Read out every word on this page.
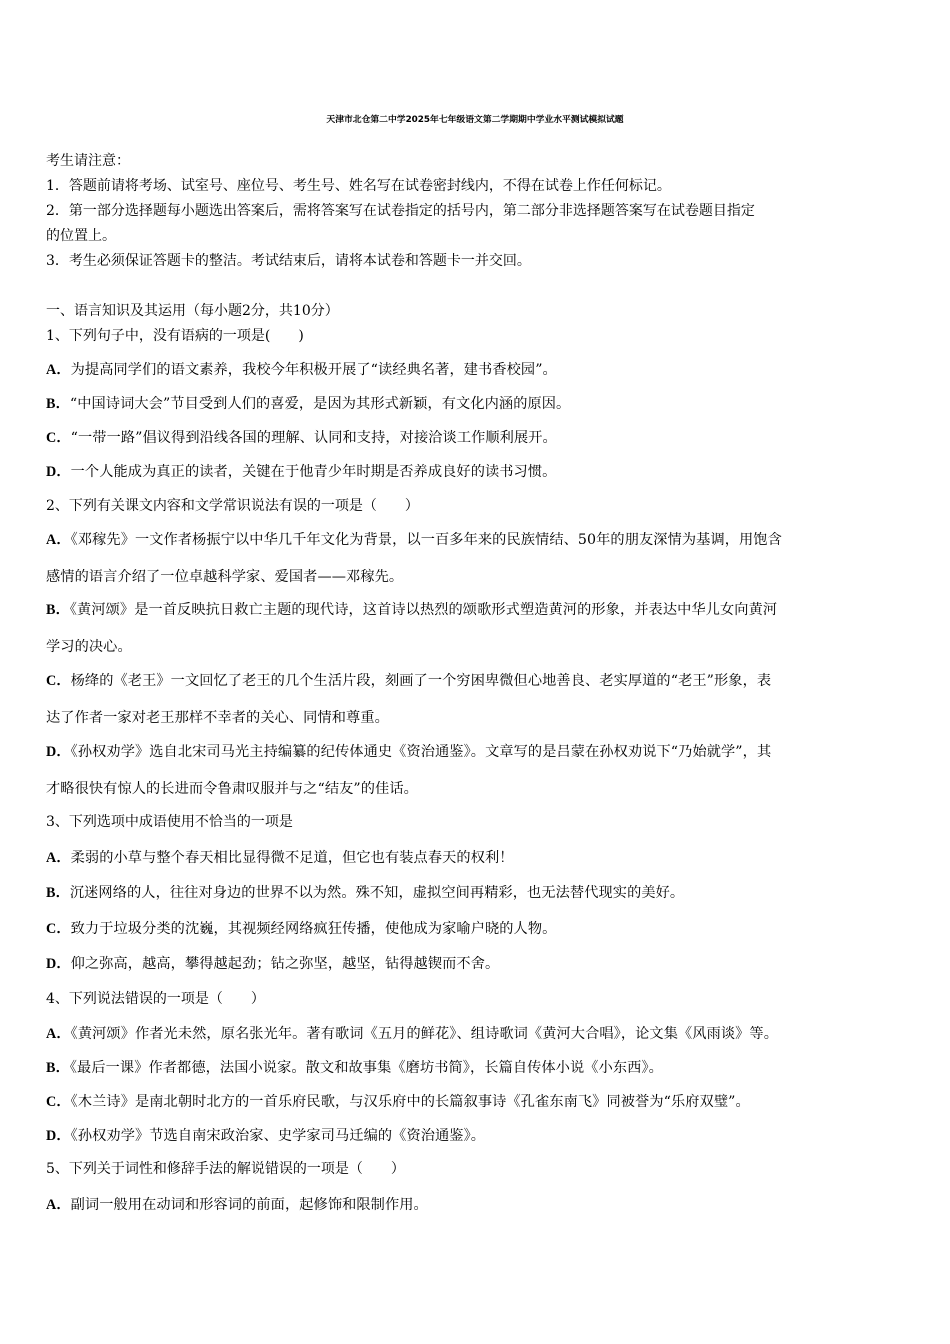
天津市北仓第二中学2025年七年级语文第二学期期中学业水平测试模拟试题
考生请注意：
1．答题前请将考场、试室号、座位号、考生号、姓名写在试卷密封线内，不得在试卷上作任何标记。
2．第一部分选择题每小题选出答案后，需将答案写在试卷指定的括号内，第二部分非选择题答案写在试卷题目指定
的位置上。
3．考生必须保证答题卡的整洁。考试结束后，请将本试卷和答题卡一并交回。
一、语言知识及其运用（每小题2分，共10分）
1、下列句子中，没有语病的一项是(　　)
A．为提高同学们的语文素养，我校今年积极开展了“读经典名著，建书香校园”。
B．“中国诗词大会”节目受到人们的喜爱，是因为其形式新颖，有文化内涵的原因。
C．“一带一路”倡议得到沿线各国的理解、认同和支持，对接洽谈工作顺利展开。
D．一个人能成为真正的读者，关键在于他青少年时期是否养成良好的读书习惯。
2、下列有关课文内容和文学常识说法有误的一项是（　　）
A．《邓稼先》一文作者杨振宁以中华几千年文化为背景，以一百多年来的民族情结、50年的朋友深情为基调，用饱含
感情的语言介绍了一位卓越科学家、爱国者——邓稼先。
B．《黄河颂》是一首反映抗日救亡主题的现代诗，这首诗以热烈的颂歌形式塑造黄河的形象，并表达中华儿女向黄河
学习的决心。
C．杨绛的《老王》一文回忆了老王的几个生活片段，刻画了一个穷困卑微但心地善良、老实厚道的“老王”形象，表
达了作者一家对老王那样不幸者的关心、同情和尊重。
D．《孙权劝学》选自北宋司马光主持编纂的纪传体通史《资治通鉴》。文章写的是吕蒙在孙权劝说下“乃始就学”，其
才略很快有惊人的长进而令鲁肃叹服并与之“结友”的佳话。
3、下列选项中成语使用不恰当的一项是
A．柔弱的小草与整个春天相比显得微不足道，但它也有装点春天的权利！
B．沉迷网络的人，往往对身边的世界不以为然。殊不知，虚拟空间再精彩，也无法替代现实的美好。
C．致力于垃圾分类的沈巍，其视频经网络疯狂传播，使他成为家喻户晓的人物。
D．仰之弥高，越高，攀得越起劲；钻之弥坚，越坚，钻得越锲而不舍。
4、下列说法错误的一项是（　　）
A．《黄河颂》作者光未然，原名张光年。著有歌词《五月的鲜花》、组诗歌词《黄河大合唱》，论文集《风雨谈》等。
B．《最后一课》作者都德，法国小说家。散文和故事集《磨坊书简》，长篇自传体小说《小东西》。
C．《木兰诗》是南北朝时北方的一首乐府民歌，与汉乐府中的长篇叙事诗《孔雀东南飞》同被誉为“乐府双璧”。
D．《孙权劝学》节选自南宋政治家、史学家司马迁编的《资治通鉴》。
5、下列关于词性和修辞手法的解说错误的一项是（　　）
A．副词一般用在动词和形容词的前面，起修饰和限制作用。
